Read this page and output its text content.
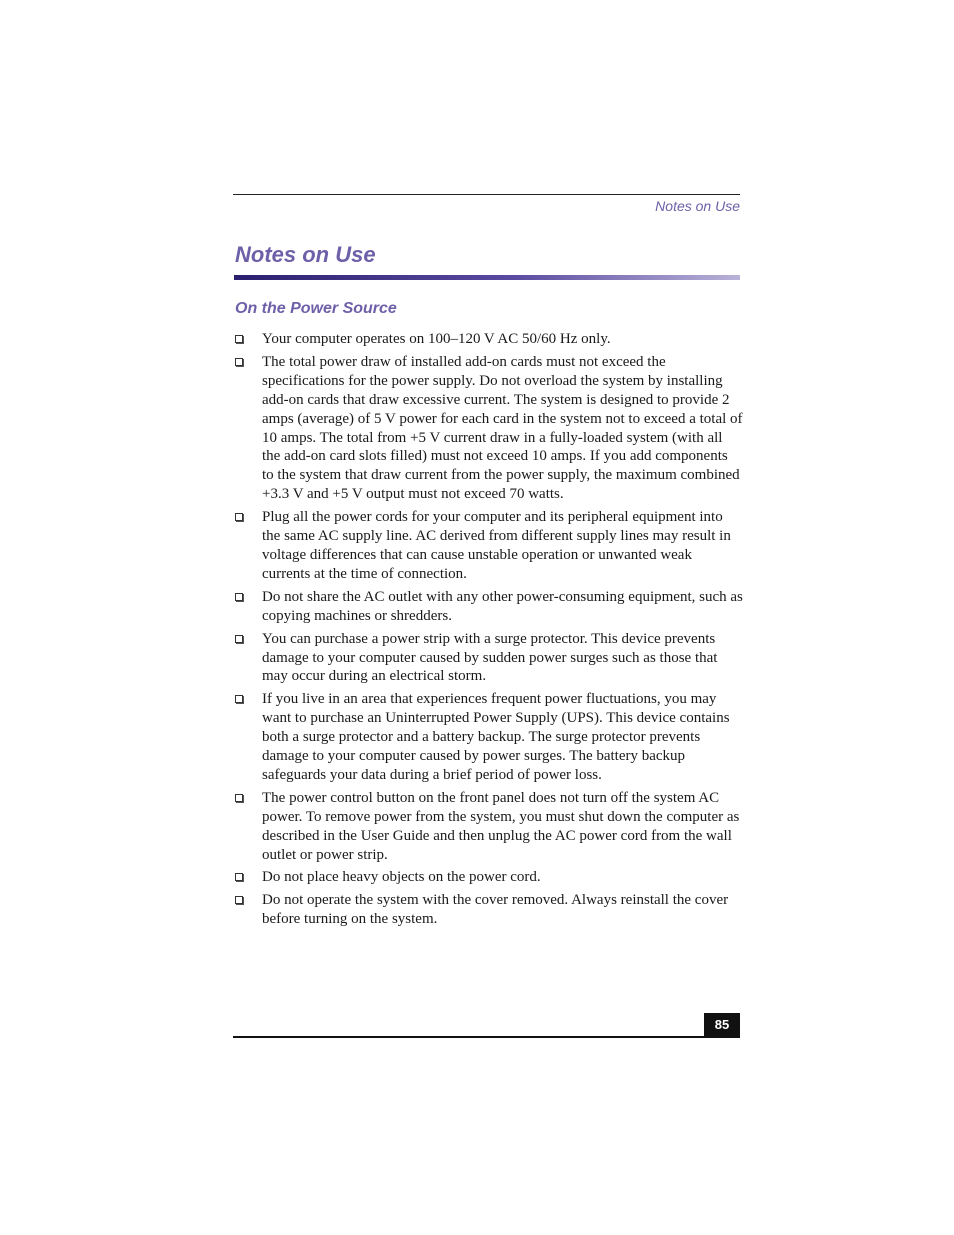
Notes on Use
Notes on Use
On the Power Source
Your computer operates on 100–120 V AC 50/60 Hz only.
The total power draw of installed add-on cards must not exceed the specifications for the power supply. Do not overload the system by installing add-on cards that draw excessive current. The system is designed to provide 2 amps (average) of 5 V power for each card in the system not to exceed a total of 10 amps. The total from +5 V current draw in a fully-loaded system (with all the add-on card slots filled) must not exceed 10 amps. If you add components to the system that draw current from the power supply, the maximum combined +3.3 V and +5 V output must not exceed 70 watts.
Plug all the power cords for your computer and its peripheral equipment into the same AC supply line. AC derived from different supply lines may result in voltage differences that can cause unstable operation or unwanted weak currents at the time of connection.
Do not share the AC outlet with any other power-consuming equipment, such as copying machines or shredders.
You can purchase a power strip with a surge protector. This device prevents damage to your computer caused by sudden power surges such as those that may occur during an electrical storm.
If you live in an area that experiences frequent power fluctuations, you may want to purchase an Uninterrupted Power Supply (UPS). This device contains both a surge protector and a battery backup. The surge protector prevents damage to your computer caused by power surges. The battery backup safeguards your data during a brief period of power loss.
The power control button on the front panel does not turn off the system AC power. To remove power from the system, you must shut down the computer as described in the User Guide and then unplug the AC power cord from the wall outlet or power strip.
Do not place heavy objects on the power cord.
Do not operate the system with the cover removed. Always reinstall the cover before turning on the system.
85
